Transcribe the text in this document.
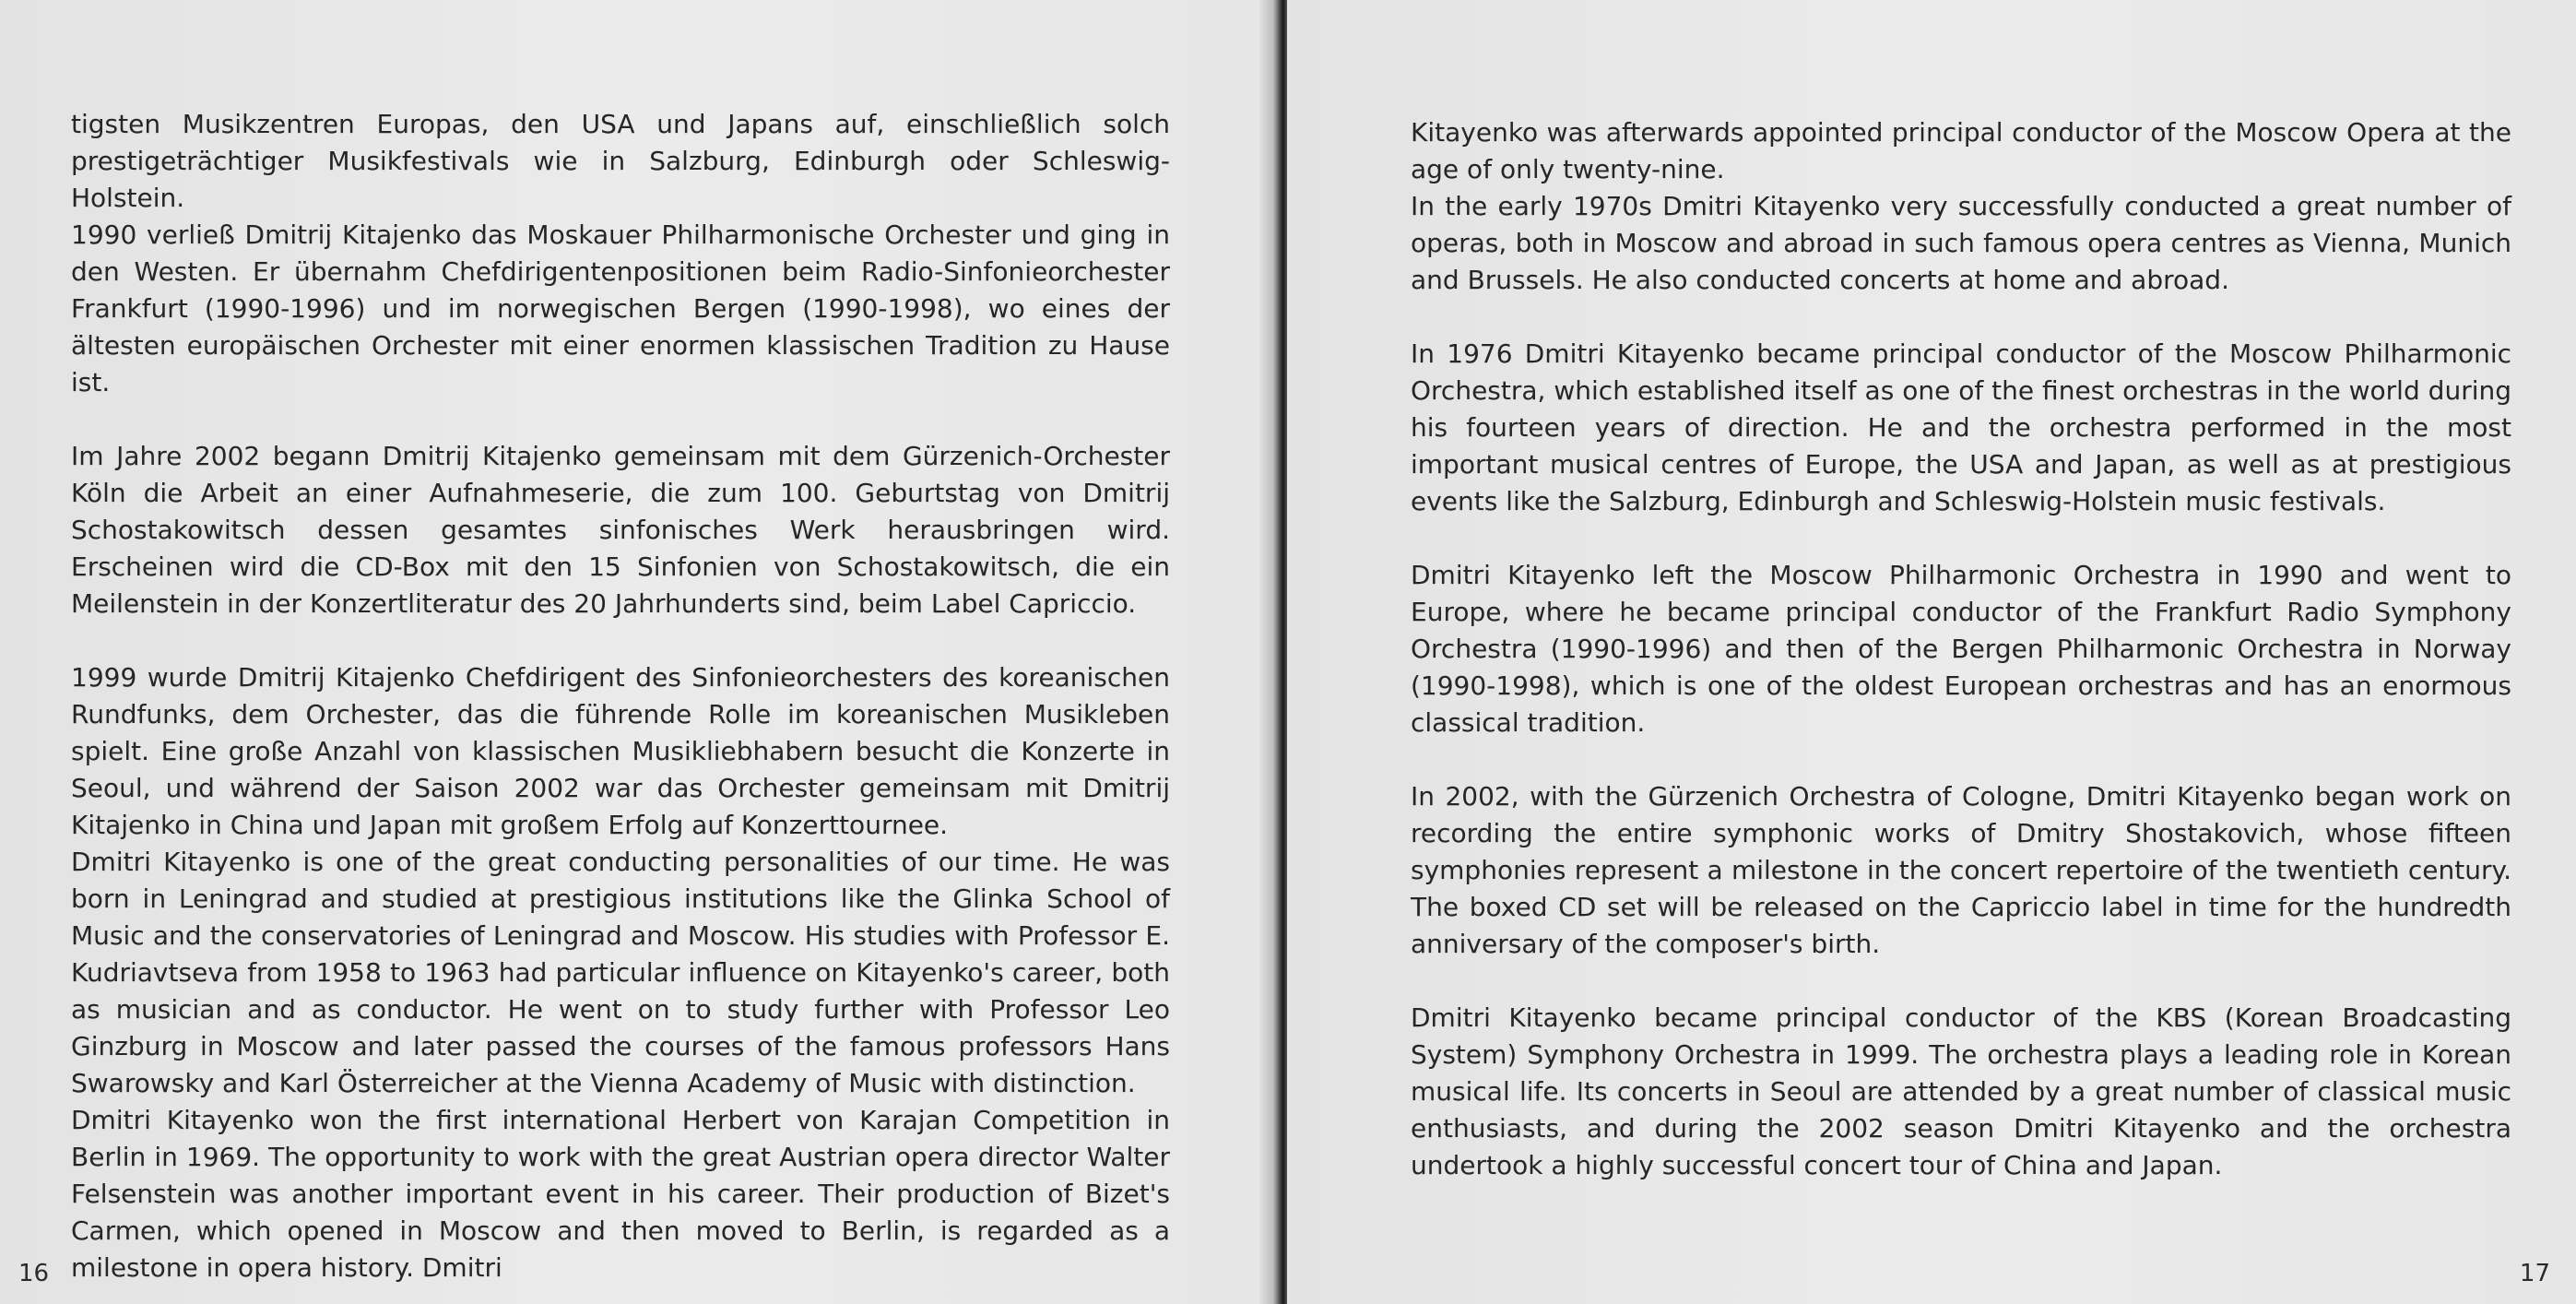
tigsten Musikzentren Europas, den USA und Japans auf, einschließlich solch prestigeträchtiger Musikfestivals wie in Salzburg, Edinburgh oder Schleswig-Holstein.

1990 verließ Dmitrij Kitajenko das Moskauer Philharmonische Orchester und ging in den Westen. Er übernahm Chefdirigentenpositionen beim Radio-Sinfonieorchester Frankfurt (1990-1996) und im norwegischen Bergen (1990-1998), wo eines der ältesten europäischen Orchester mit einer enormen klassischen Tradition zu Hause ist.

Im Jahre 2002 begann Dmitrij Kitajenko gemeinsam mit dem Gürzenich-Orchester Köln die Arbeit an einer Aufnahmeserie, die zum 100. Geburtstag von Dmitrij Schostakowitsch dessen gesamtes sinfonisches Werk herausbringen wird. Erscheinen wird die CD-Box mit den 15 Sinfonien von Schostakowitsch, die ein Meilenstein in der Konzertliteratur des 20 Jahrhunderts sind, beim Label Capriccio.

1999 wurde Dmitrij Kitajenko Chefdirigent des Sinfonieorchesters des koreanischen Rundfunks, dem Orchester, das die führende Rolle im koreanischen Musikleben spielt. Eine große Anzahl von klassischen Musikliebhabern besucht die Konzerte in Seoul, und während der Saison 2002 war das Orchester gemeinsam mit Dmitrij Kitajenko in China und Japan mit großem Erfolg auf Konzerttournee.

Dmitri Kitayenko is one of the great conducting personalities of our time. He was born in Leningrad and studied at prestigious institutions like the Glinka School of Music and the conservatories of Leningrad and Moscow. His studies with Professor E. Kudriavtseva from 1958 to 1963 had particular influence on Kitayenko's career, both as musician and as conductor. He went on to study further with Professor Leo Ginzburg in Moscow and later passed the courses of the famous professors Hans Swarowsky and Karl Österreicher at the Vienna Academy of Music with distinction.

Dmitri Kitayenko won the first international Herbert von Karajan Competition in Berlin in 1969. The opportunity to work with the great Austrian opera director Walter Felsenstein was another important event in his career. Their production of Bizet's Carmen, which opened in Moscow and then moved to Berlin, is regarded as a milestone in opera history. Dmitri

16

Kitayenko was afterwards appointed principal conductor of the Moscow Opera at the age of only twenty-nine.

In the early 1970s Dmitri Kitayenko very successfully conducted a great number of operas, both in Moscow and abroad in such famous opera centres as Vienna, Munich and Brussels. He also conducted concerts at home and abroad.

In 1976 Dmitri Kitayenko became principal conductor of the Moscow Philharmonic Orchestra, which established itself as one of the finest orchestras in the world during his fourteen years of direction. He and the orchestra performed in the most important musical centres of Europe, the USA and Japan, as well as at prestigious events like the Salzburg, Edinburgh and Schleswig-Holstein music festivals.

Dmitri Kitayenko left the Moscow Philharmonic Orchestra in 1990 and went to Europe, where he became principal conductor of the Frankfurt Radio Symphony Orchestra (1990-1996) and then of the Bergen Philharmonic Orchestra in Norway (1990-1998), which is one of the oldest European orchestras and has an enormous classical tradition.

In 2002, with the Gürzenich Orchestra of Cologne, Dmitri Kitayenko began work on recording the entire symphonic works of Dmitry Shostakovich, whose fifteen symphonies represent a milestone in the concert repertoire of the twentieth century. The boxed CD set will be released on the Capriccio label in time for the hundredth anniversary of the composer's birth.

Dmitri Kitayenko became principal conductor of the KBS (Korean Broadcasting System) Symphony Orchestra in 1999. The orchestra plays a leading role in Korean musical life. Its concerts in Seoul are attended by a great number of classical music enthusiasts, and during the 2002 season Dmitri Kitayenko and the orchestra undertook a highly successful concert tour of China and Japan.

17
